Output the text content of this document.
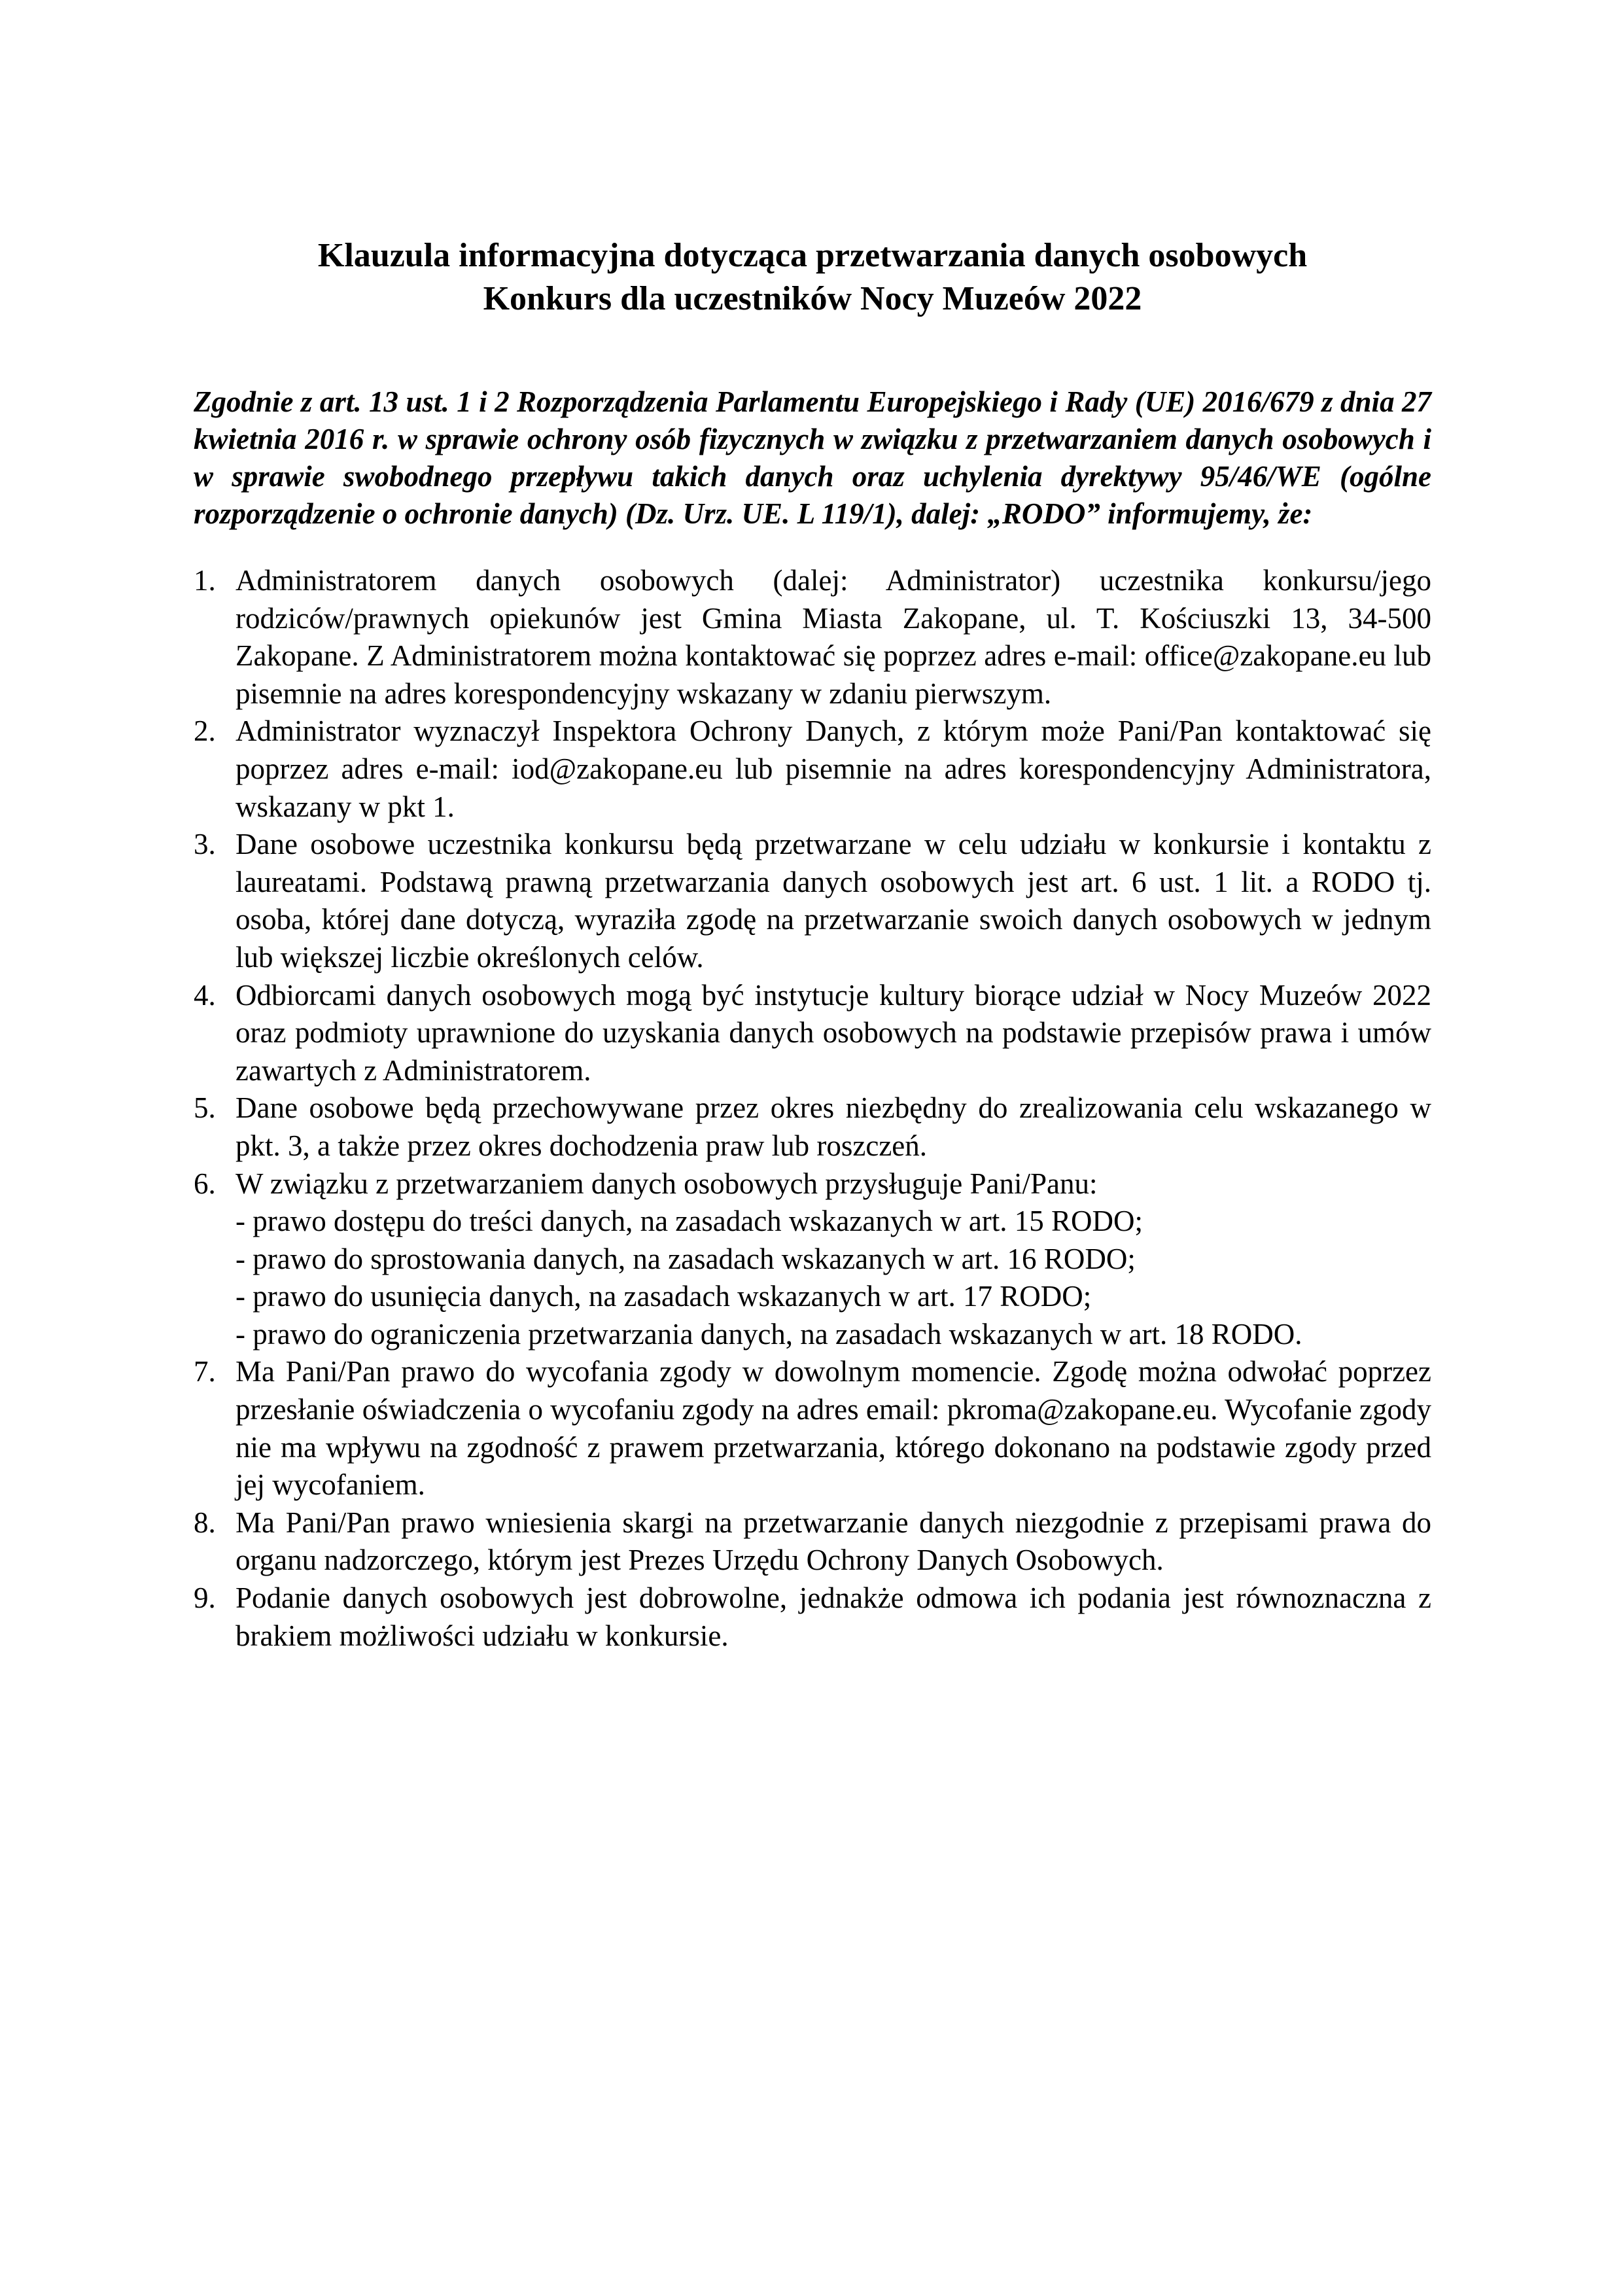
Klauzula informacyjna dotycząca przetwarzania danych osobowych
Konkurs dla uczestników Nocy Muzeów 2022

Zgodnie z art. 13 ust. 1 i 2 Rozporządzenia Parlamentu Europejskiego i Rady (UE) 2016/679 z dnia 27 kwietnia 2016 r. w sprawie ochrony osób fizycznych w związku z przetwarzaniem danych osobowych i w sprawie swobodnego przepływu takich danych oraz uchylenia dyrektywy 95/46/WE (ogólne rozporządzenie o ochronie danych) (Dz. Urz. UE. L 119/1), dalej: „RODO” informujemy, że:

1. Administratorem danych osobowych (dalej: Administrator) uczestnika konkursu/jego rodziców/prawnych opiekunów jest Gmina Miasta Zakopane, ul. T. Kościuszki 13, 34-500 Zakopane. Z Administratorem można kontaktować się poprzez adres e-mail: office@zakopane.eu lub pisemnie na adres korespondencyjny wskazany w zdaniu pierwszym.
2. Administrator wyznaczył Inspektora Ochrony Danych, z którym może Pani/Pan kontaktować się poprzez adres e-mail: iod@zakopane.eu lub pisemnie na adres korespondencyjny Administratora, wskazany w pkt 1.
3. Dane osobowe uczestnika konkursu będą przetwarzane w celu udziału w konkursie i kontaktu z laureatami. Podstawą prawną przetwarzania danych osobowych jest art. 6 ust. 1 lit. a RODO tj. osoba, której dane dotyczą, wyraziła zgodę na przetwarzanie swoich danych osobowych w jednym lub większej liczbie określonych celów.
4. Odbiorcami danych osobowych mogą być instytucje kultury biorące udział w Nocy Muzeów 2022 oraz podmioty uprawnione do uzyskania danych osobowych na podstawie przepisów prawa i umów zawartych z Administratorem.
5. Dane osobowe będą przechowywane przez okres niezbędny do zrealizowania celu wskazanego w pkt. 3, a także przez okres dochodzenia praw lub roszczeń.
6. W związku z przetwarzaniem danych osobowych przysługuje Pani/Panu:
- prawo dostępu do treści danych, na zasadach wskazanych w art. 15 RODO;
- prawo do sprostowania danych, na zasadach wskazanych w art. 16 RODO;
- prawo do usunięcia danych, na zasadach wskazanych w art. 17 RODO;
- prawo do ograniczenia przetwarzania danych, na zasadach wskazanych w art. 18 RODO.
7. Ma Pani/Pan prawo do wycofania zgody w dowolnym momencie. Zgodę można odwołać poprzez przesłanie oświadczenia o wycofaniu zgody na adres email: pkroma@zakopane.eu. Wycofanie zgody nie ma wpływu na zgodność z prawem przetwarzania, którego dokonano na podstawie zgody przed jej wycofaniem.
8. Ma Pani/Pan prawo wniesienia skargi na przetwarzanie danych niezgodnie z przepisami prawa do organu nadzorczego, którym jest Prezes Urzędu Ochrony Danych Osobowych.
9. Podanie danych osobowych jest dobrowolne, jednakże odmowa ich podania jest równoznaczna z brakiem możliwości udziału w konkursie.
